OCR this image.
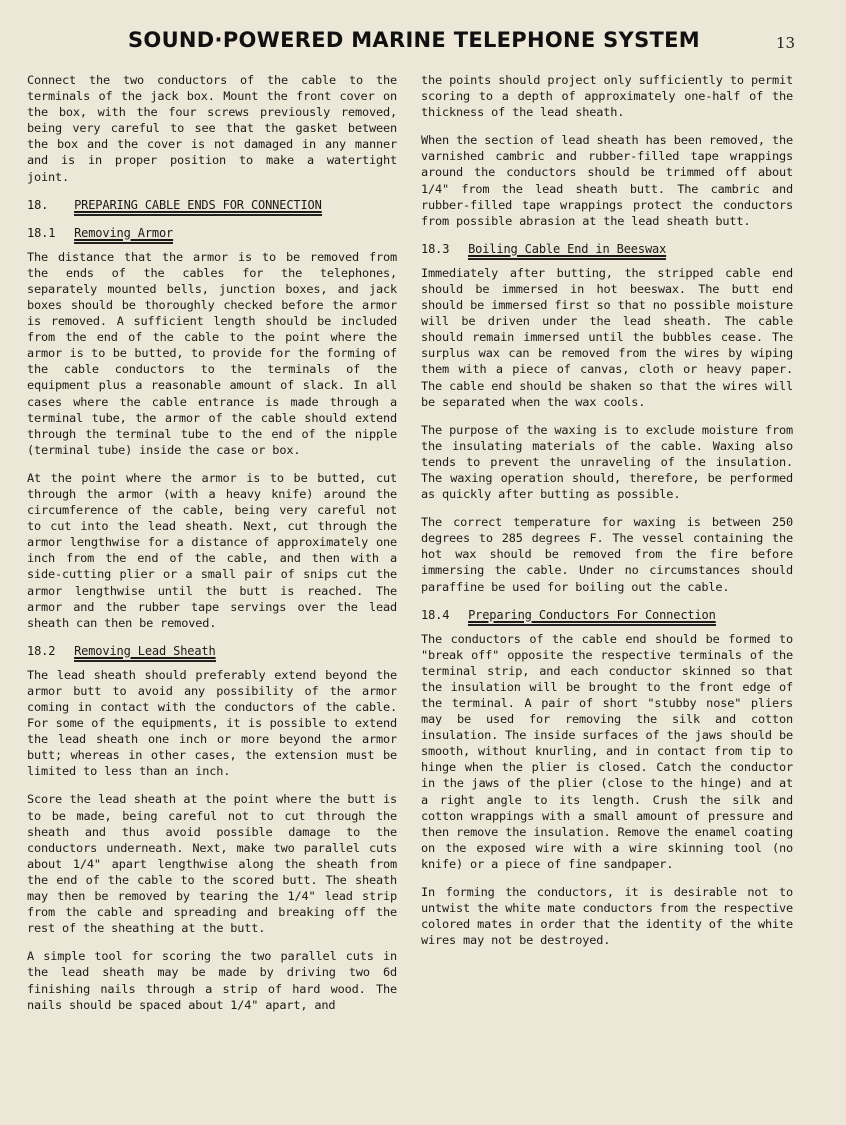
SOUND·POWERED MARINE TELEPHONE SYSTEM	13

Connect the two conductors of the cable to the terminals of the jack box. Mount the front cover on the box, with the four screws previously removed, being very careful to see that the gasket between the box and the cover is not damaged in any manner and is in proper position to make a watertight joint.

18. PREPARING CABLE ENDS FOR CONNECTION
18.1 Removing Armor

The distance that the armor is to be removed from the ends of the cables for the telephones, separately mounted bells, junction boxes, and jack boxes should be thoroughly checked before the armor is removed. A sufficient length should be included from the end of the cable to the point where the armor is to be butted, to provide for the forming of the cable conductors to the terminals of the equipment plus a reasonable amount of slack. In all cases where the cable entrance is made through a terminal tube, the armor of the cable should extend through the terminal tube to the end of the nipple (terminal tube) inside the case or box.

At the point where the armor is to be butted, cut through the armor (with a heavy knife) around the circumference of the cable, being very careful not to cut into the lead sheath. Next, cut through the armor lengthwise for a distance of approximately one inch from the end of the cable, and then with a side-cutting plier or a small pair of snips cut the armor lengthwise until the butt is reached. The armor and the rubber tape servings over the lead sheath can then be removed.

18.2 Removing Lead Sheath

The lead sheath should preferably extend beyond the armor butt to avoid any possibility of the armor coming in contact with the conductors of the cable. For some of the equipments, it is possible to extend the lead sheath one inch or more beyond the armor butt; whereas in other cases, the extension must be limited to less than an inch.

Score the lead sheath at the point where the butt is to be made, being careful not to cut through the sheath and thus avoid possible damage to the conductors underneath. Next, make two parallel cuts about 1/4" apart lengthwise along the sheath from the end of the cable to the scored butt. The sheath may then be removed by tearing the 1/4" lead strip from the cable and spreading and breaking off the rest of the sheathing at the butt.

A simple tool for scoring the two parallel cuts in the lead sheath may be made by driving two 6d finishing nails through a strip of hard wood. The nails should be spaced about 1/4" apart, and

the points should project only sufficiently to permit scoring to a depth of approximately one-half of the thickness of the lead sheath.

When the section of lead sheath has been removed, the varnished cambric and rubber-filled tape wrappings around the conductors should be trimmed off about 1/4" from the lead sheath butt. The cambric and rubber-filled tape wrappings protect the conductors from possible abrasion at the lead sheath butt.

18.3 Boiling Cable End in Beeswax

Immediately after butting, the stripped cable end should be immersed in hot beeswax. The butt end should be immersed first so that no possible moisture will be driven under the lead sheath. The cable should remain immersed until the bubbles cease. The surplus wax can be removed from the wires by wiping them with a piece of canvas, cloth or heavy paper. The cable end should be shaken so that the wires will be separated when the wax cools.

The purpose of the waxing is to exclude moisture from the insulating materials of the cable. Waxing also tends to prevent the unraveling of the insulation. The waxing operation should, therefore, be performed as quickly after butting as possible.

The correct temperature for waxing is between 250 degrees to 285 degrees F. The vessel containing the hot wax should be removed from the fire before immersing the cable. Under no circumstances should paraffine be used for boiling out the cable.

18.4 Preparing Conductors For Connection

The conductors of the cable end should be formed to "break off" opposite the respective terminals of the terminal strip, and each conductor skinned so that the insulation will be brought to the front edge of the terminal. A pair of short "stubby nose" pliers may be used for removing the silk and cotton insulation. The inside surfaces of the jaws should be smooth, without knurling, and in contact from tip to hinge when the plier is closed. Catch the conductor in the jaws of the plier (close to the hinge) and at a right angle to its length. Crush the silk and cotton wrappings with a small amount of pressure and then remove the insulation. Remove the enamel coating on the exposed wire with a wire skinning tool (no knife) or a piece of fine sandpaper.

In forming the conductors, it is desirable not to untwist the white mate conductors from the respective colored mates in order that the identity of the white wires may not be destroyed.
